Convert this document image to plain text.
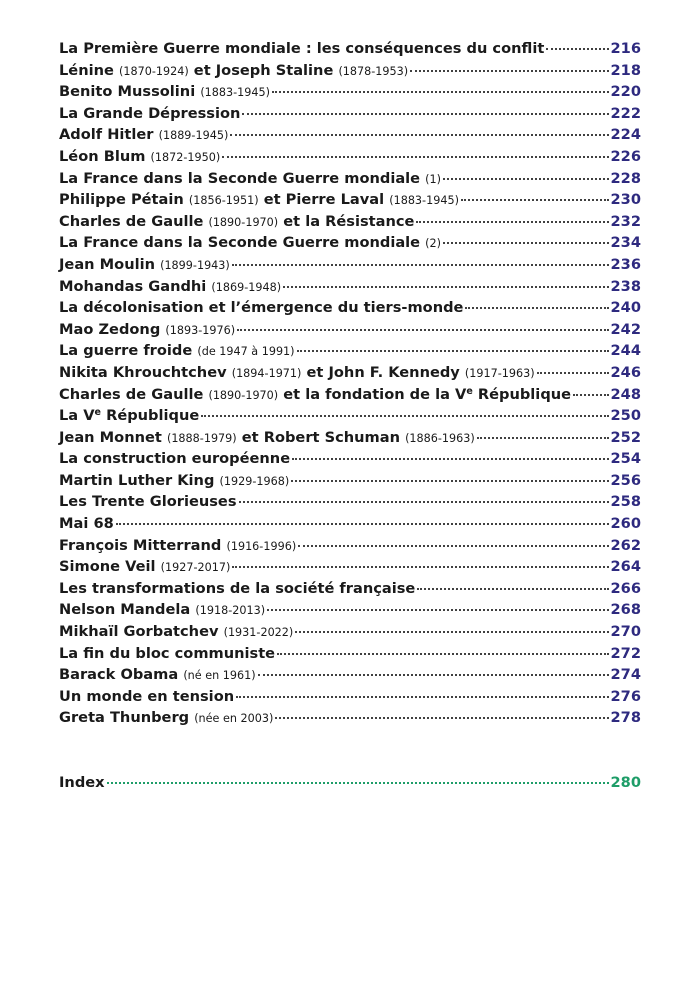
La Première Guerre mondiale : les conséquences du conflit	216
Lénine (1870-1924) et Joseph Staline (1878-1953)	218
Benito Mussolini (1883-1945)	220
La Grande Dépression	222
Adolf Hitler (1889-1945)	224
Léon Blum (1872-1950)	226
La France dans la Seconde Guerre mondiale (1)	228
Philippe Pétain (1856-1951) et Pierre Laval (1883-1945)	230
Charles de Gaulle (1890-1970) et la Résistance	232
La France dans la Seconde Guerre mondiale (2)	234
Jean Moulin (1899-1943)	236
Mohandas Gandhi (1869-1948)	238
La décolonisation et l’émergence du tiers-monde	240
Mao Zedong (1893-1976)	242
La guerre froide (de 1947 à 1991)	244
Nikita Khrouchtchev (1894-1971) et John F. Kennedy (1917-1963)	246
Charles de Gaulle (1890-1970) et la fondation de la Ve République	248
La Ve République	250
Jean Monnet (1888-1979) et Robert Schuman (1886-1963)	252
La construction européenne	254
Martin Luther King (1929-1968)	256
Les Trente Glorieuses	258
Mai 68	260
François Mitterrand (1916-1996)	262
Simone Veil (1927-2017)	264
Les transformations de la société française	266
Nelson Mandela (1918-2013)	268
Mikhaïl Gorbatchev (1931-2022)	270
La fin du bloc communiste	272
Barack Obama (né en 1961)	274
Un monde en tension	276
Greta Thunberg (née en 2003)	278
Index	280
